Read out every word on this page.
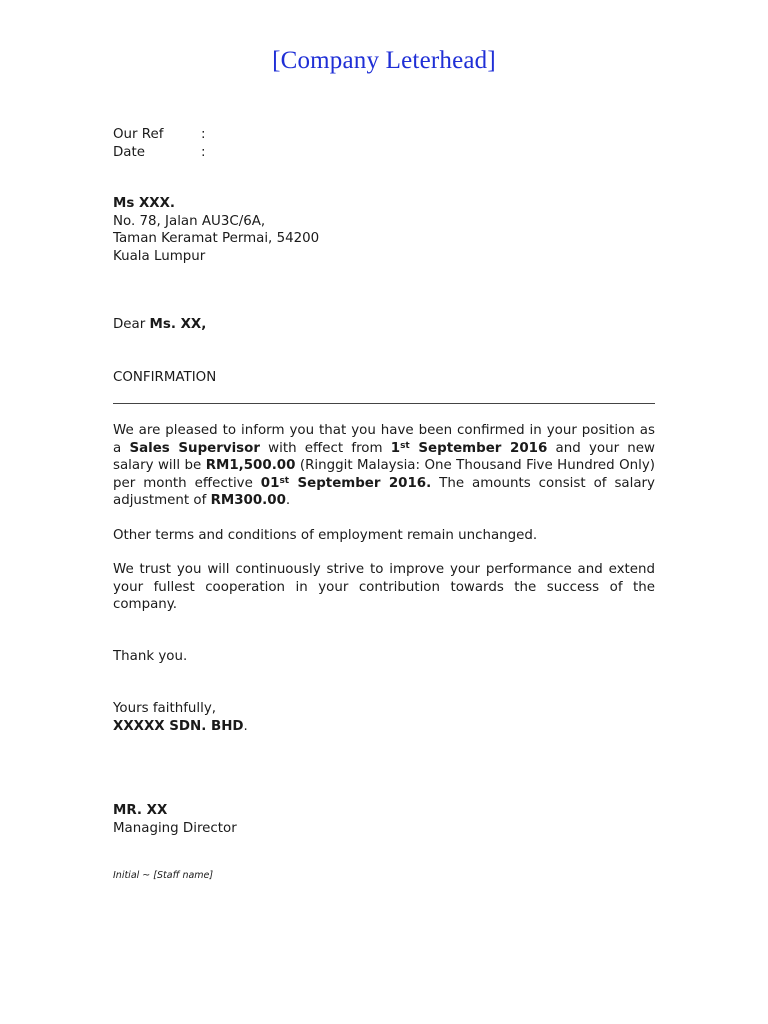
[Company Leterhead]
Our Ref	:
Date	:
Ms XXX.
No. 78, Jalan AU3C/6A,
Taman Keramat Permai, 54200
Kuala Lumpur
Dear Ms. XX,
CONFIRMATION
We are pleased to inform you that you have been confirmed in your position as a Sales Supervisor with effect from 1st September 2016 and your new salary will be RM1,500.00 (Ringgit Malaysia: One Thousand Five Hundred Only) per month effective 01st September 2016. The amounts consist of salary adjustment of RM300.00.
Other terms and conditions of employment remain unchanged.
We trust you will continuously strive to improve your performance and extend your fullest cooperation in your contribution towards the success of the company.
Thank you.
Yours faithfully,
XXXXX SDN. BHD.
MR. XX
Managing Director
Initial ~ [Staff name]
